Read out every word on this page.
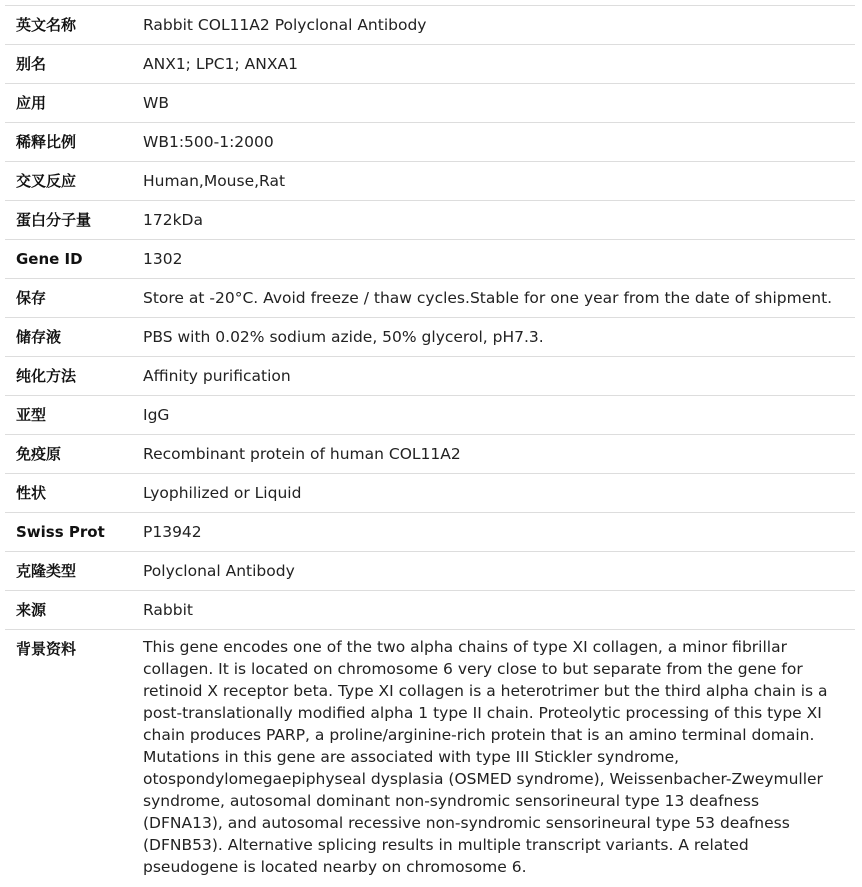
英文名称	Rabbit COL11A2 Polyclonal Antibody
别名	ANX1; LPC1; ANXA1
应用	WB
稀释比例	WB1:500-1:2000
交叉反应	Human,Mouse,Rat
蛋白分子量	172kDa
Gene ID	1302
保存	Store at -20°C. Avoid freeze / thaw cycles.Stable for one year from the date of shipment.
储存液	PBS with 0.02% sodium azide, 50% glycerol, pH7.3.
纯化方法	Affinity purification
亚型	IgG
免疫原	Recombinant protein of human COL11A2
性状	Lyophilized or Liquid
Swiss Prot	P13942
克隆类型	Polyclonal Antibody
来源	Rabbit
背景资料	This gene encodes one of the two alpha chains of type XI collagen, a minor fibrillar collagen. It is located on chromosome 6 very close to but separate from the gene for retinoid X receptor beta. Type XI collagen is a heterotrimer but the third alpha chain is a post-translationally modified alpha 1 type II chain. Proteolytic processing of this type XI chain produces PARP, a proline/arginine-rich protein that is an amino terminal domain. Mutations in this gene are associated with type III Stickler syndrome, otospondylomegaepiphyseal dysplasia (OSMED syndrome), Weissenbacher-Zweymuller syndrome, autosomal dominant non-syndromic sensorineural type 13 deafness (DFNA13), and autosomal recessive non-syndromic sensorineural type 53 deafness (DFNB53). Alternative splicing results in multiple transcript variants. A related pseudogene is located nearby on chromosome 6.
